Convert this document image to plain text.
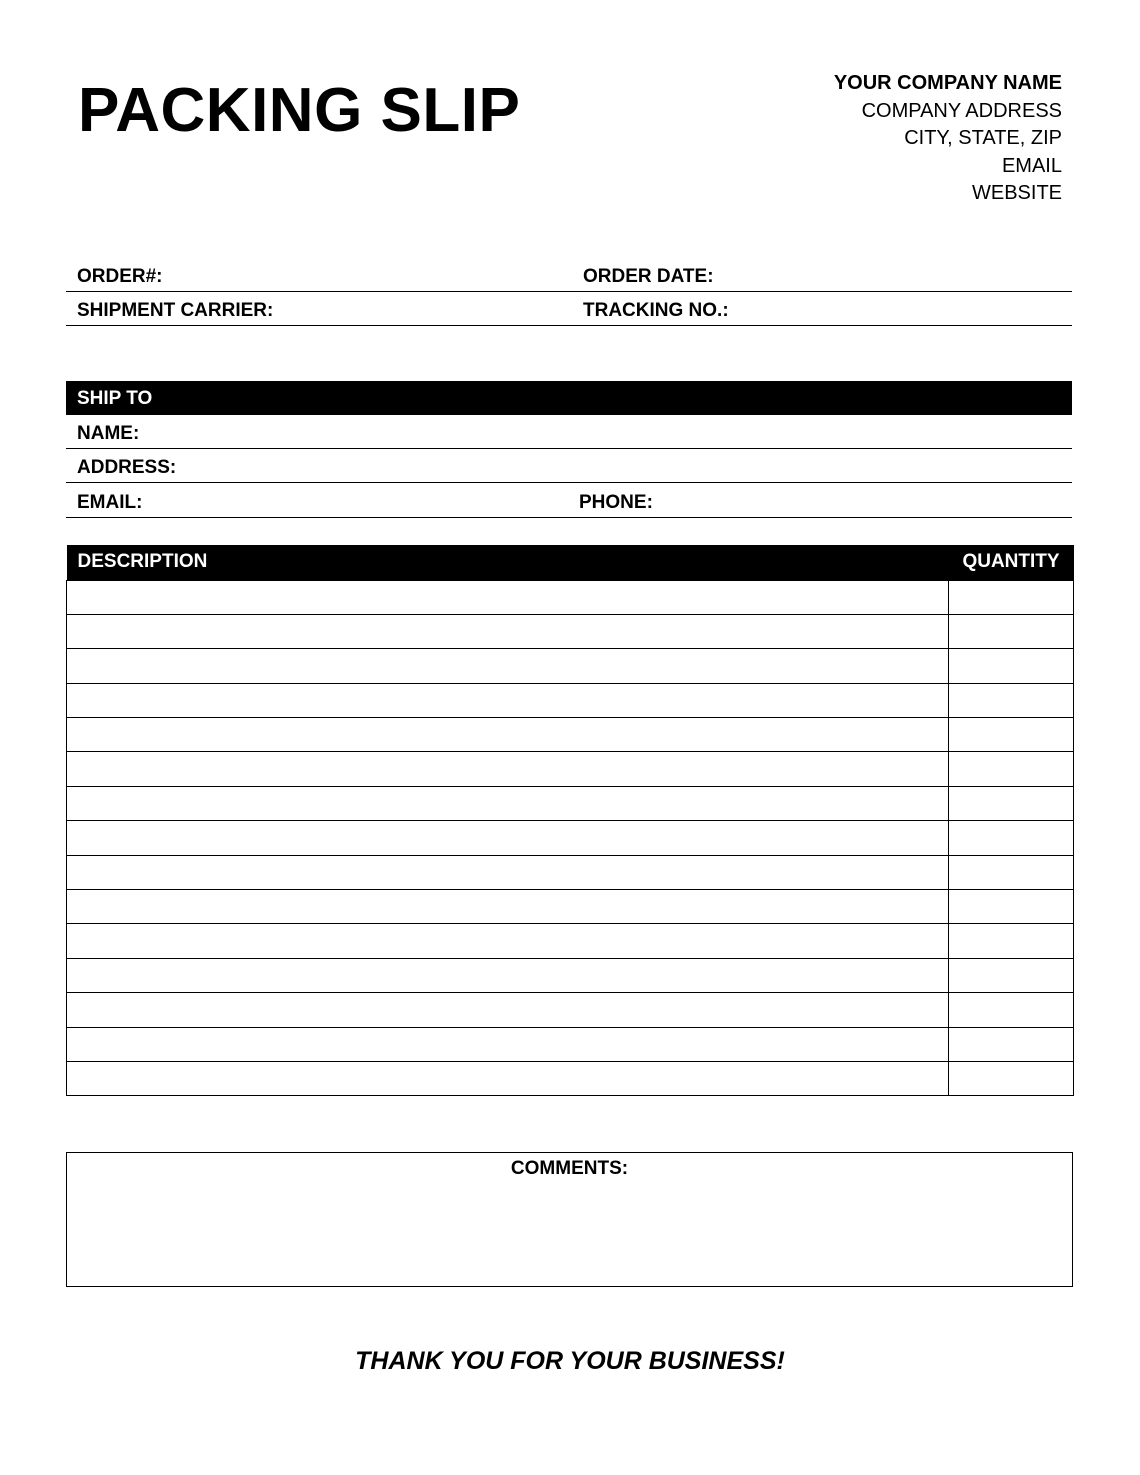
PACKING SLIP	YOUR COMPANY NAME
COMPANY ADDRESS
CITY, STATE, ZIP
EMAIL
WEBSITE
ORDER#:	ORDER DATE:
SHIPMENT CARRIER:	TRACKING NO.:
SHIP TO
NAME:
ADDRESS:
EMAIL:	PHONE:
DESCRIPTION	QUANTITY

COMMENTS:
THANK YOU FOR YOUR BUSINESS!
